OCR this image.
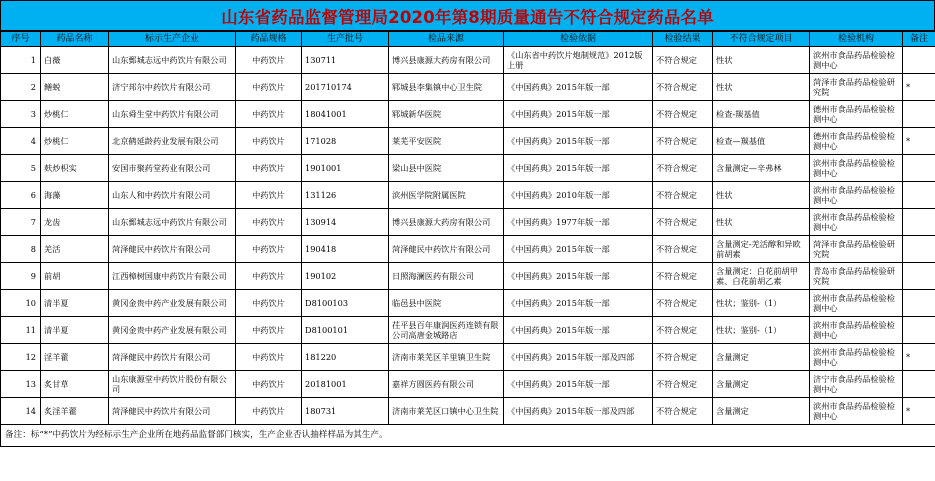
山东省药品监督管理局2020年第8期质量通告不符合规定药品名单
序号	药品名称	标示生产企业	药品规格	生产批号	检品来源	检验依据	检验结果	不符合规定项目	检验机构	备注
1	白薇	山东鄄城志远中药饮片有限公司	中药饮片	130711	博兴县康源大药房有限公司	《山东省中药饮片炮制规范》2012版上册	不符合规定	性状	滨州市食品药品检验检测中心	
2	鳝蜕	济宁邦尔中药饮片有限公司	中药饮片	201710174	郓城县李集镇中心卫生院	《中国药典》2015年版一部	不符合规定	性状	菏泽市食品药品检验研究院	*
3	炒桃仁	山东舜生堂中药饮片有限公司	中药饮片	18041001	郓城新华医院	《中国药典》2015年版一部	不符合规定	检查-羰基值	德州市食品药品检验检测中心	
4	炒桃仁	北京鹤延龄药业发展有限公司	中药饮片	171028	莱芜平安医院	《中国药典》2015年版一部	不符合规定	检查—羰基值	德州市食品药品检验检测中心	*
5	麸炒枳实	安国市聚药堂药业有限公司	中药饮片	1901001	梁山县中医院	《中国药典》2015年版一部	不符合规定	含量测定—辛弗林	滨州市食品药品检验检测中心	
6	海藻	山东人和中药饮片有限公司	中药饮片	131126	滨州医学院附属医院	《中国药典》2010年版一部	不符合规定	性状	滨州市食品药品检验检测中心	
7	龙齿	山东鄄城志远中药饮片有限公司	中药饮片	130914	博兴县康源大药房有限公司	《中国药典》1977年版一部	不符合规定	性状	滨州市食品药品检验检测中心	
8	羌活	菏泽健民中药饮片有限公司	中药饮片	190418	菏泽健民中药饮片有限公司	《中国药典》2015年版一部	不符合规定	含量测定-羌活醇和异欧前胡素	菏泽市食品药品检验研究院	
9	前胡	江西樟树国康中药饮片有限公司	中药饮片	190102	日照海澜医药有限公司	《中国药典》2015年版一部	不符合规定	含量测定：白花前胡甲素、白花前胡乙素	青岛市食品药品检验研究院	
10	清半夏	黄冈金贵中药产业发展有限公司	中药饮片	D8100103	临邑县中医院	《中国药典》2015年版一部	不符合规定	性状；鉴别-（1）	滨州市食品药品检验检测中心	
11	清半夏	黄冈金贵中药产业发展有限公司	中药饮片	D8100101	茌平县百年康润医药连锁有限公司高唐金城路店	《中国药典》2015年版一部	不符合规定	性状；鉴别-（1）	滨州市食品药品检验检测中心	
12	淫羊藿	菏泽健民中药饮片有限公司	中药饮片	181220	济南市莱芜区羊里镇卫生院	《中国药典》2015年版一部及四部	不符合规定	含量测定	滨州市食品药品检验检测中心	*
13	炙甘草	山东康源堂中药饮片股份有限公司	中药饮片	20181001	嘉祥方圆医药有限公司	《中国药典》2015年版一部	不符合规定	含量测定	济宁市食品药品检验检测中心	
14	炙淫羊藿	菏泽健民中药饮片有限公司	中药饮片	180731	济南市莱芜区口镇中心卫生院	《中国药典》2015年版一部及四部	不符合规定	含量测定	滨州市食品药品检验检测中心	*
备注：标“*”中药饮片为经标示生产企业所在地药品监督部门核实，生产企业否认抽样样品为其生产。										
